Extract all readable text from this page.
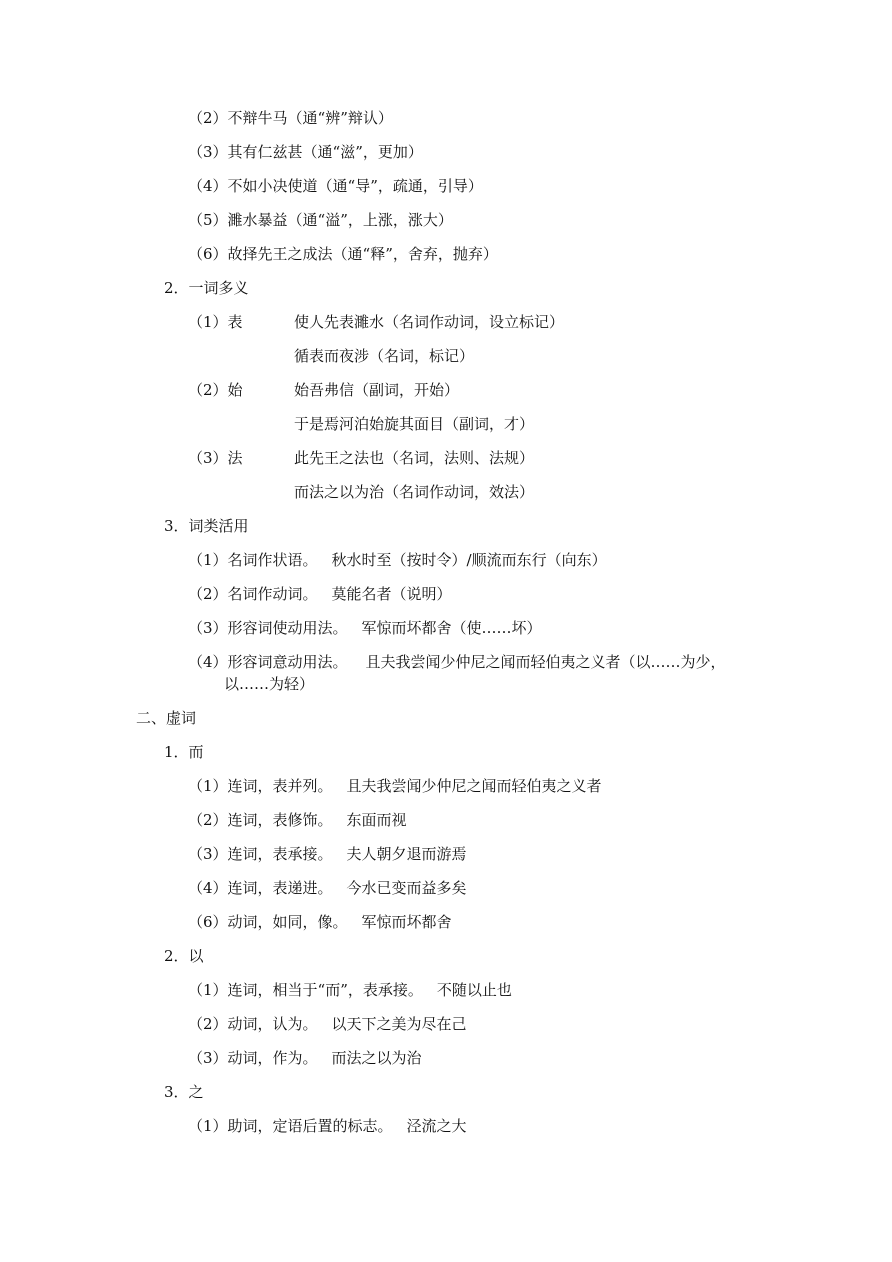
（2）不辩牛马（通“辨”辩认）
（3）其有仁兹甚（通“滋”，更加）
（4）不如小决使道（通“导”，疏通，引导）
（5）濉水暴益（通“溢”，上涨，涨大）
（6）故择先王之成法（通“释”，舍弃，抛弃）
2．一词多义
（1）表	使人先表濉水（名词作动词，设立标记）
循表而夜涉（名词，标记）
（2）始	始吾弗信（副词，开始）
于是焉河泊始旋其面目（副词，才）
（3）法	此先王之法也（名词，法则、法规）
而法之以为治（名词作动词，效法）
3．词类活用
（1）名词作状语。 秋水时至（按时令）/顺流而东行（向东）
（2）名词作动词。 莫能名者（说明）
（3）形容词使动用法。 军惊而坏都舍（使……坏）
（4）形容词意动用法。 且夫我尝闻少仲尼之闻而轻伯夷之义者（以……为少，
以……为轻）
二、虚词
1．而
（1）连词，表并列。 且夫我尝闻少仲尼之闻而轻伯夷之义者
（2）连词，表修饰。 东面而视
（3）连词，表承接。 夫人朝夕退而游焉
（4）连词，表递进。 今水已变而益多矣
（6）动词，如同，像。 军惊而坏都舍
2．以
（1）连词，相当于“而”，表承接。 不随以止也
（2）动词，认为。 以天下之美为尽在己
（3）动词，作为。 而法之以为治
3．之
（1）助词，定语后置的标志。 泾流之大
